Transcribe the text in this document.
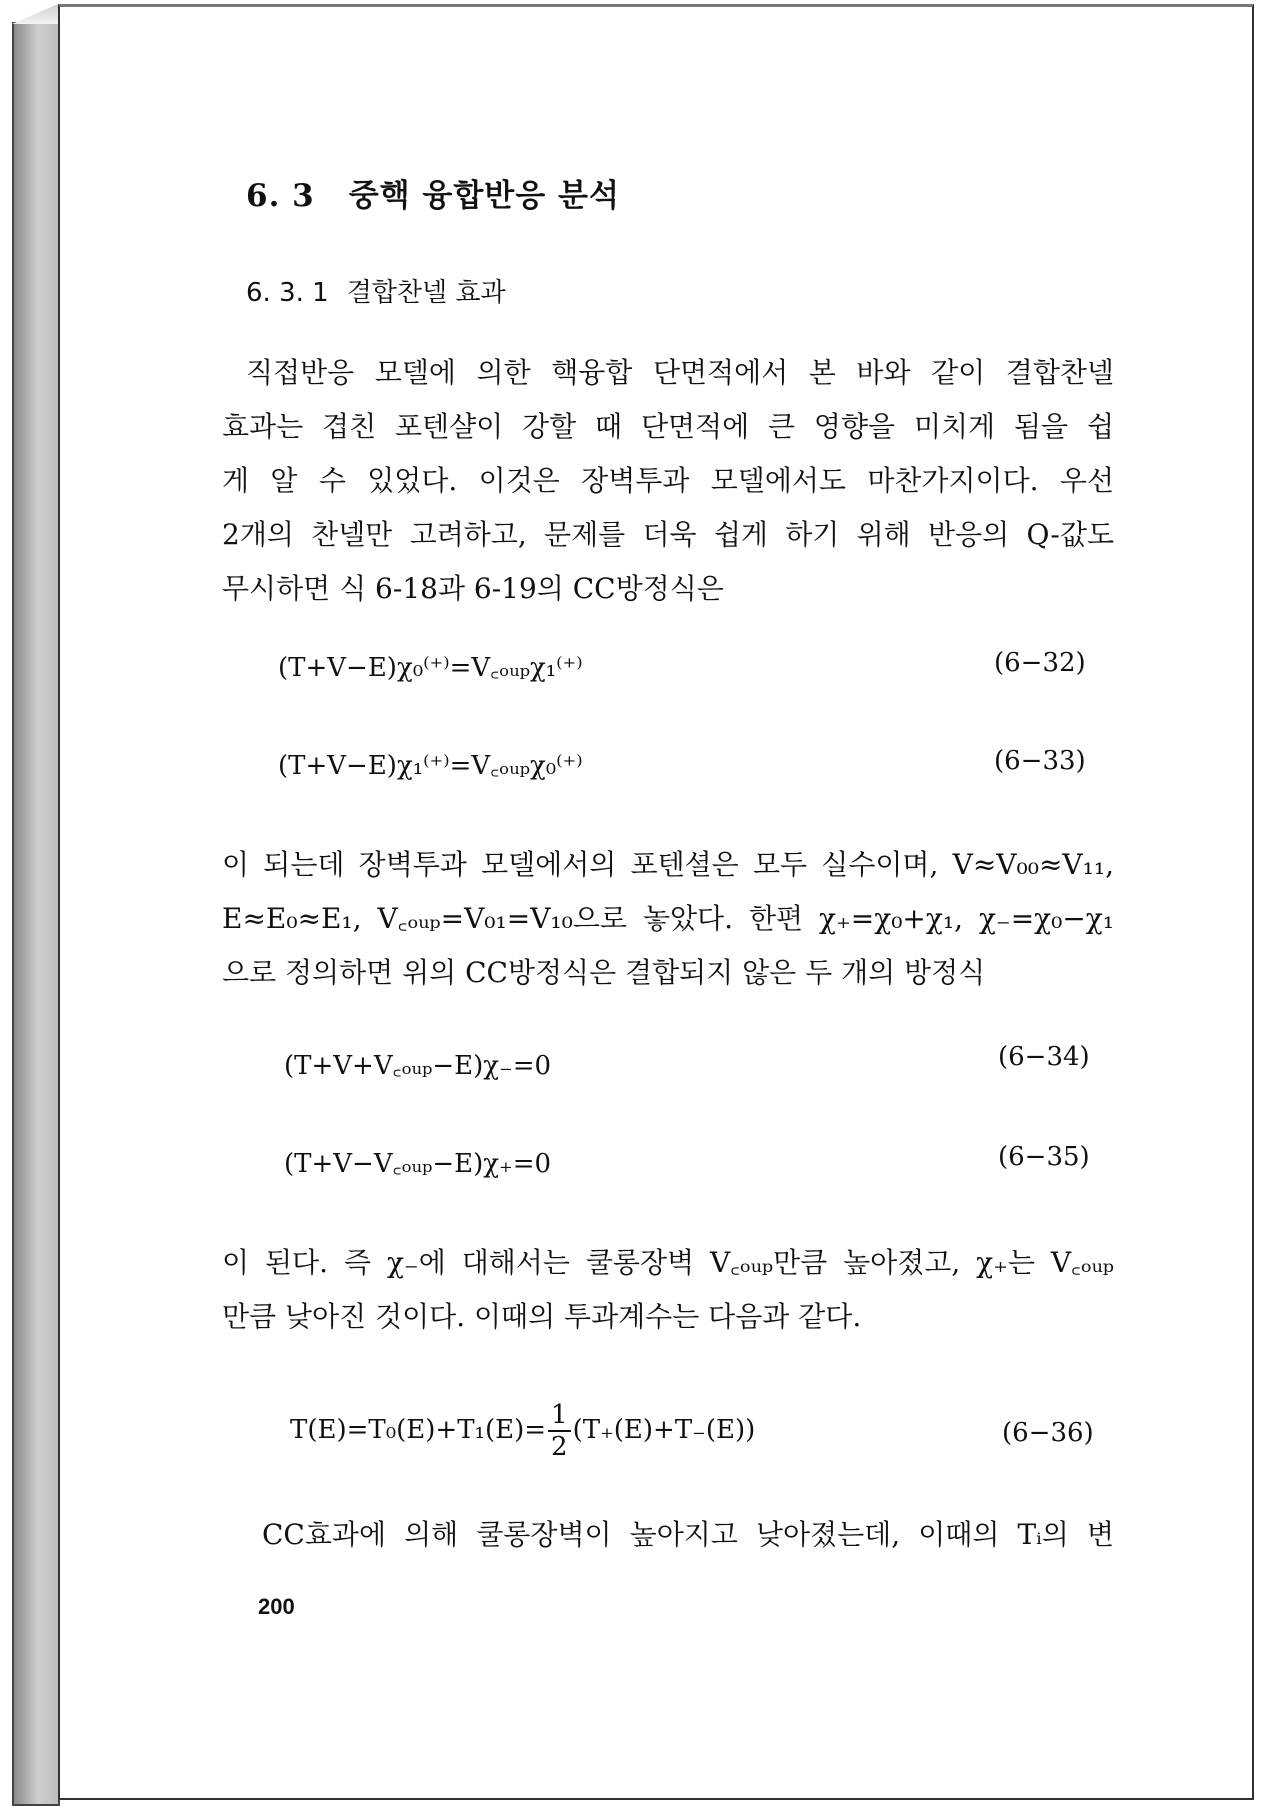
6. 3 중핵 융합반응 분석
6. 3. 1 결합찬넬 효과
직접반응 모델에 의한 핵융합 단면적에서 본 바와 같이 결합찬넬
효과는 겹친 포텐샬이 강할 때 단면적에 큰 영향을 미치게 됨을 쉽
게 알 수 있었다. 이것은 장벽투과 모델에서도 마찬가지이다. 우선
2개의 찬넬만 고려하고, 문제를 더욱 쉽게 하기 위해 반응의 Q-값도
무시하면 식 6-18과 6-19의 CC방정식은
(T+V−E)χ₀⁽⁺⁾=V꜀ₒᵤₚχ₁⁽⁺⁾	(6−32)
(T+V−E)χ₁⁽⁺⁾=V꜀ₒᵤₚχ₀⁽⁺⁾	(6−33)
이 되는데 장벽투과 모델에서의 포텐셜은 모두 실수이며, V≈V₀₀≈V₁₁,
E≈E₀≈E₁, V꜀ₒᵤₚ=V₀₁=V₁₀으로 놓았다. 한편 χ₊=χ₀+χ₁, χ₋=χ₀−χ₁
으로 정의하면 위의 CC방정식은 결합되지 않은 두 개의 방정식
(T+V+V꜀ₒᵤₚ−E)χ₋=0	(6−34)
(T+V−V꜀ₒᵤₚ−E)χ₊=0	(6−35)
이 된다. 즉 χ₋에 대해서는 쿨롱장벽 V꜀ₒᵤₚ만큼 높아졌고, χ₊는 V꜀ₒᵤₚ
만큼 낮아진 것이다. 이때의 투과계수는 다음과 같다.
$T(E)=T_0(E)+T_1(E)= \frac{1}{2} (T_+(E)+T_-(E))$	(6−36)
CC효과에 의해 쿨롱장벽이 높아지고 낮아졌는데, 이때의 Tᵢ의 변
200
